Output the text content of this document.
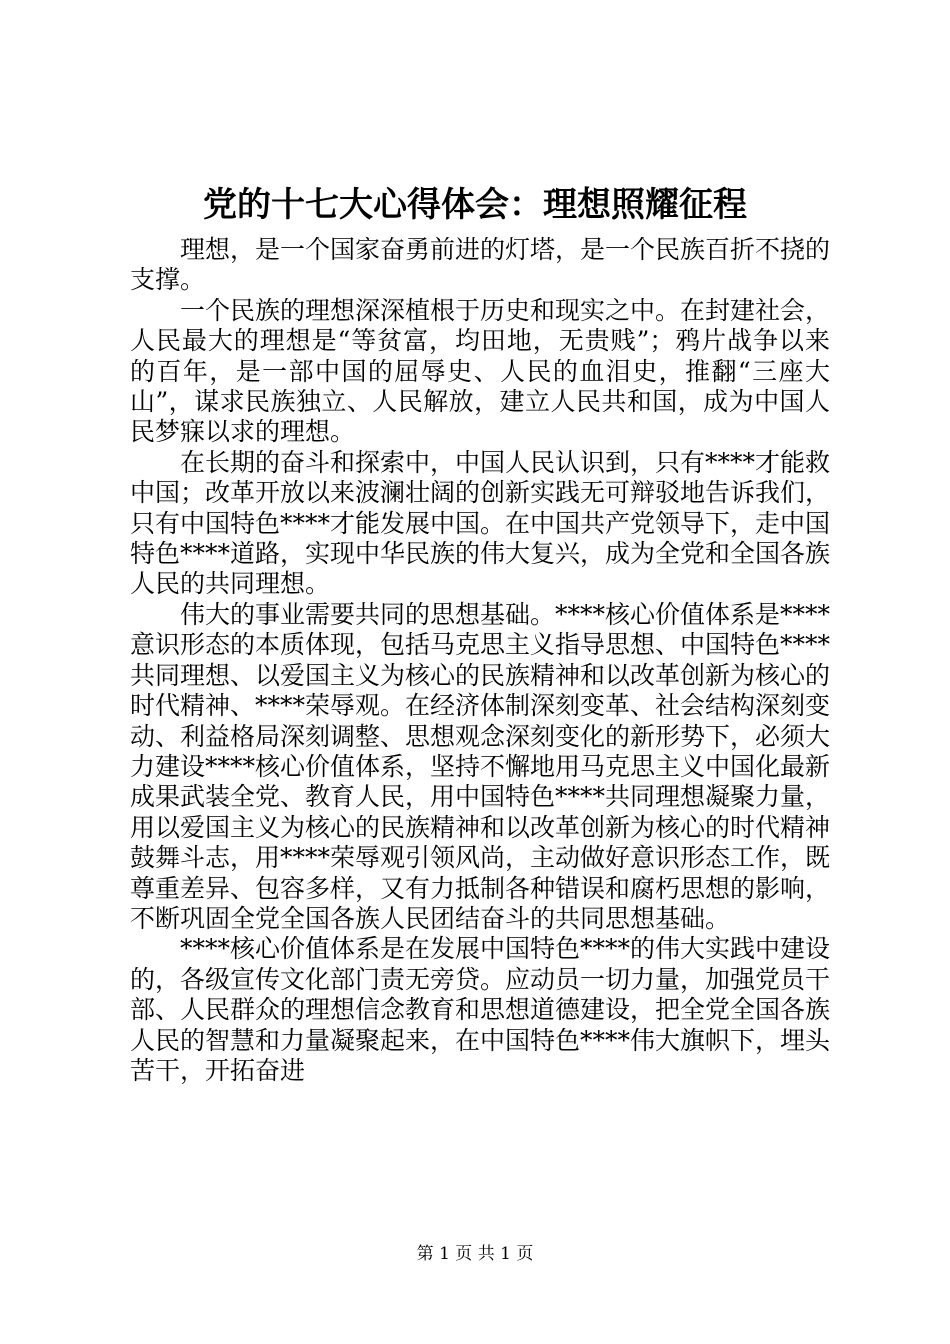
党的十七大心得体会：理想照耀征程

理想，是一个国家奋勇前进的灯塔，是一个民族百折不挠的支撑。

一个民族的理想深深植根于历史和现实之中。在封建社会，人民最大的理想是“等贫富，均田地，无贵贱”；鸦片战争以来的百年，是一部中国的屈辱史、人民的血泪史，推翻“三座大山”，谋求民族独立、人民解放，建立人民共和国，成为中国人民梦寐以求的理想。

在长期的奋斗和探索中，中国人民认识到，只有****才能救中国；改革开放以来波澜壮阔的创新实践无可辩驳地告诉我们，只有中国特色****才能发展中国。在中国共产党领导下，走中国特色****道路，实现中华民族的伟大复兴，成为全党和全国各族人民的共同理想。

伟大的事业需要共同的思想基础。****核心价值体系是****意识形态的本质体现，包括马克思主义指导思想、中国特色****共同理想、以爱国主义为核心的民族精神和以改革创新为核心的时代精神、****荣辱观。在经济体制深刻变革、社会结构深刻变动、利益格局深刻调整、思想观念深刻变化的新形势下，必须大力建设****核心价值体系，坚持不懈地用马克思主义中国化最新成果武装全党、教育人民，用中国特色****共同理想凝聚力量，用以爱国主义为核心的民族精神和以改革创新为核心的时代精神鼓舞斗志，用****荣辱观引领风尚，主动做好意识形态工作，既尊重差异、包容多样，又有力抵制各种错误和腐朽思想的影响，不断巩固全党全国各族人民团结奋斗的共同思想基础。

****核心价值体系是在发展中国特色****的伟大实践中建设的，各级宣传文化部门责无旁贷。应动员一切力量，加强党员干部、人民群众的理想信念教育和思想道德建设，把全党全国各族人民的智慧和力量凝聚起来，在中国特色****伟大旗帜下，埋头苦干，开拓奋进

第 1 页 共 1 页
